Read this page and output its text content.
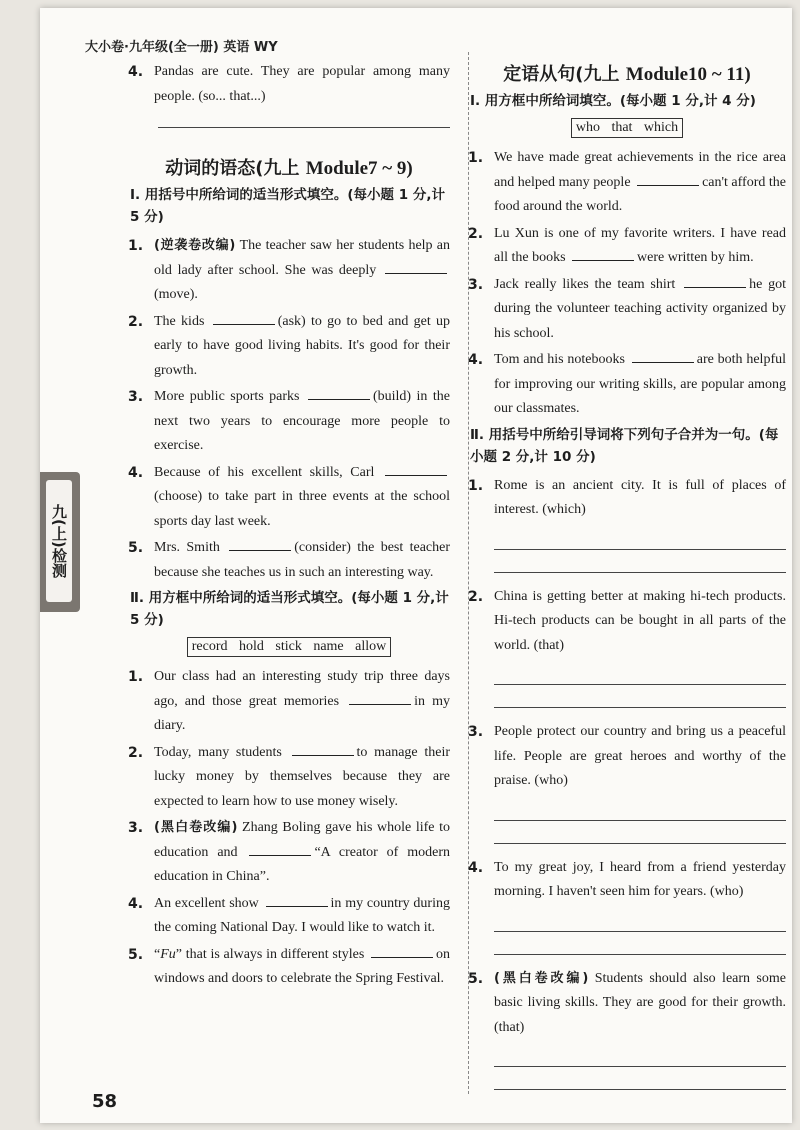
大小卷·九年级(全一册) 英语 WY
九(上)检测
4. Pandas are cute. They are popular among many people. (so... that...)
动词的语态(九上 Module7 ~ 9)
Ⅰ. 用括号中所给词的适当形式填空。(每小题 1 分,计 5 分)
1. (逆袭卷改编) The teacher saw her students help an old lady after school. She was deeply (move).
2. The kids	(ask) to go to bed and get up early to have good living habits. It's good for their growth.
3. More public sports parks	(build) in the next two years to encourage more people to exercise.
4. Because of his excellent skills, Carl (choose) to take part in three events at the school sports day last week.
5. Mrs. Smith	(consider) the best teacher because she teaches us in such an interesting way.
Ⅱ. 用方框中所给词的适当形式填空。(每小题 1 分,计 5 分)
record hold stick name allow
1. Our class had an interesting study trip three days ago, and those great memories	in my diary.
2. Today, many students	to manage their lucky money by themselves because they are expected to learn how to use money wisely.
3. (黑白卷改编) Zhang Boling gave his whole life to education and	“A creator of modern education in China”.
4. An excellent show	in my country during the coming National Day. I would like to watch it.
5. “Fu” that is always in different styles	on windows and doors to celebrate the Spring Festival.
定语从句(九上 Module10 ~ 11)
Ⅰ. 用方框中所给词填空。(每小题 1 分,计 4 分)
who that which
1. We have made great achievements in the rice area and helped many people	can't afford the food around the world.
2. Lu Xun is one of my favorite writers. I have read all the books	were written by him.
3. Jack really likes the team shirt	he got during the volunteer teaching activity organized by his school.
4. Tom and his notebooks	are both helpful for improving our writing skills, are popular among our classmates.
Ⅱ. 用括号中所给引导词将下列句子合并为一句。(每小题 2 分,计 10 分)
1. Rome is an ancient city. It is full of places of interest. (which)
2. China is getting better at making hi-tech products. Hi-tech products can be bought in all parts of the world. (that)
3. People protect our country and bring us a peaceful life. People are great heroes and worthy of the praise. (who)
4. To my great joy, I heard from a friend yesterday morning. I haven't seen him for years. (who)
5. (黑白卷改编) Students should also learn some basic living skills. They are good for their growth. (that)
58
